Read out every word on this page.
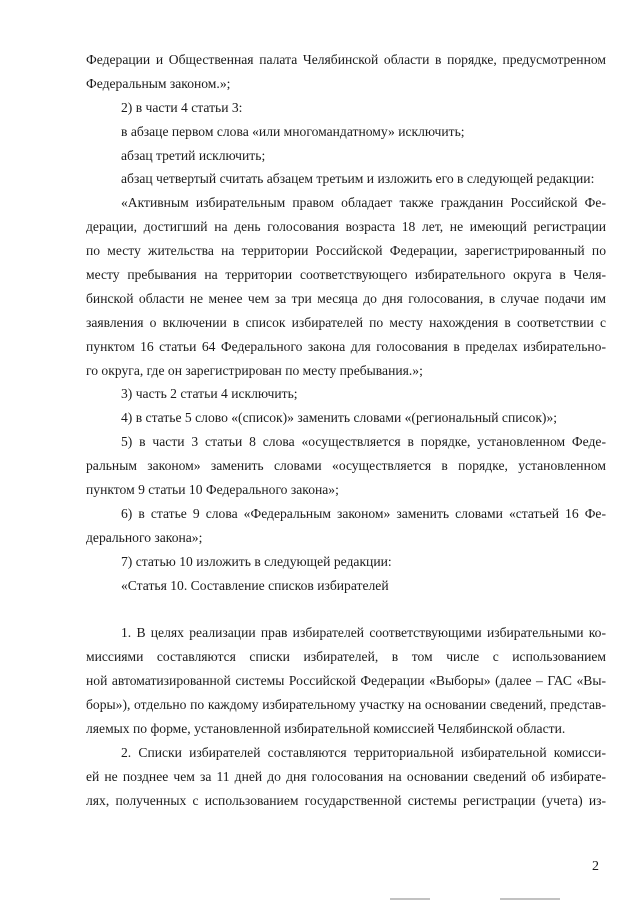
Федерации и Общественная палата Челябинской области в порядке, предусмотренном
Федеральным законом.»;
2) в части 4 статьи 3:
в абзаце первом слова «или многомандатному» исключить;
абзац третий исключить;
абзац четвертый считать абзацем третьим и изложить его в следующей редакции:
«Активным избирательным правом обладает также гражданин Российской Фе-
дерации, достигший на день голосования возраста 18 лет, не имеющий регистрации
по месту жительства на территории Российской Федерации, зарегистрированный по
месту пребывания на территории соответствующего избирательного округа в Челя-
бинской области не менее чем за три месяца до дня голосования, в случае подачи им
заявления о включении в список избирателей по месту нахождения в соответствии с
пунктом 16 статьи 64 Федерального закона для голосования в пределах избирательно-
го округа, где он зарегистрирован по месту пребывания.»;
3) часть 2 статьи 4 исключить;
4) в статье 5 слово «(список)» заменить словами «(региональный список)»;
5) в части 3 статьи 8 слова «осуществляется в порядке, установленном Феде-
ральным законом» заменить словами «осуществляется в порядке, установленном
пунктом 9 статьи 10 Федерального закона»;
6) в статье 9 слова «Федеральным законом» заменить словами «статьей 16 Фе-
дерального закона»;
7) статью 10 изложить в следующей редакции:
«Статья 10. Составление списков избирателей
1. В целях реализации прав избирателей соответствующими избирательными ко-
миссиями составляются списки избирателей, в том числе с использованием
ной автоматизированной системы Российской Федерации «Выборы» (далее – ГАС «Вы-
боры»), отдельно по каждому избирательному участку на основании сведений, представ-
ляемых по форме, установленной избирательной комиссией Челябинской области.
2. Списки избирателей составляются территориальной избирательной комисси-
ей не позднее чем за 11 дней до дня голосования на основании сведений об избирате-
лях, полученных с использованием государственной системы регистрации (учета) из-
2
